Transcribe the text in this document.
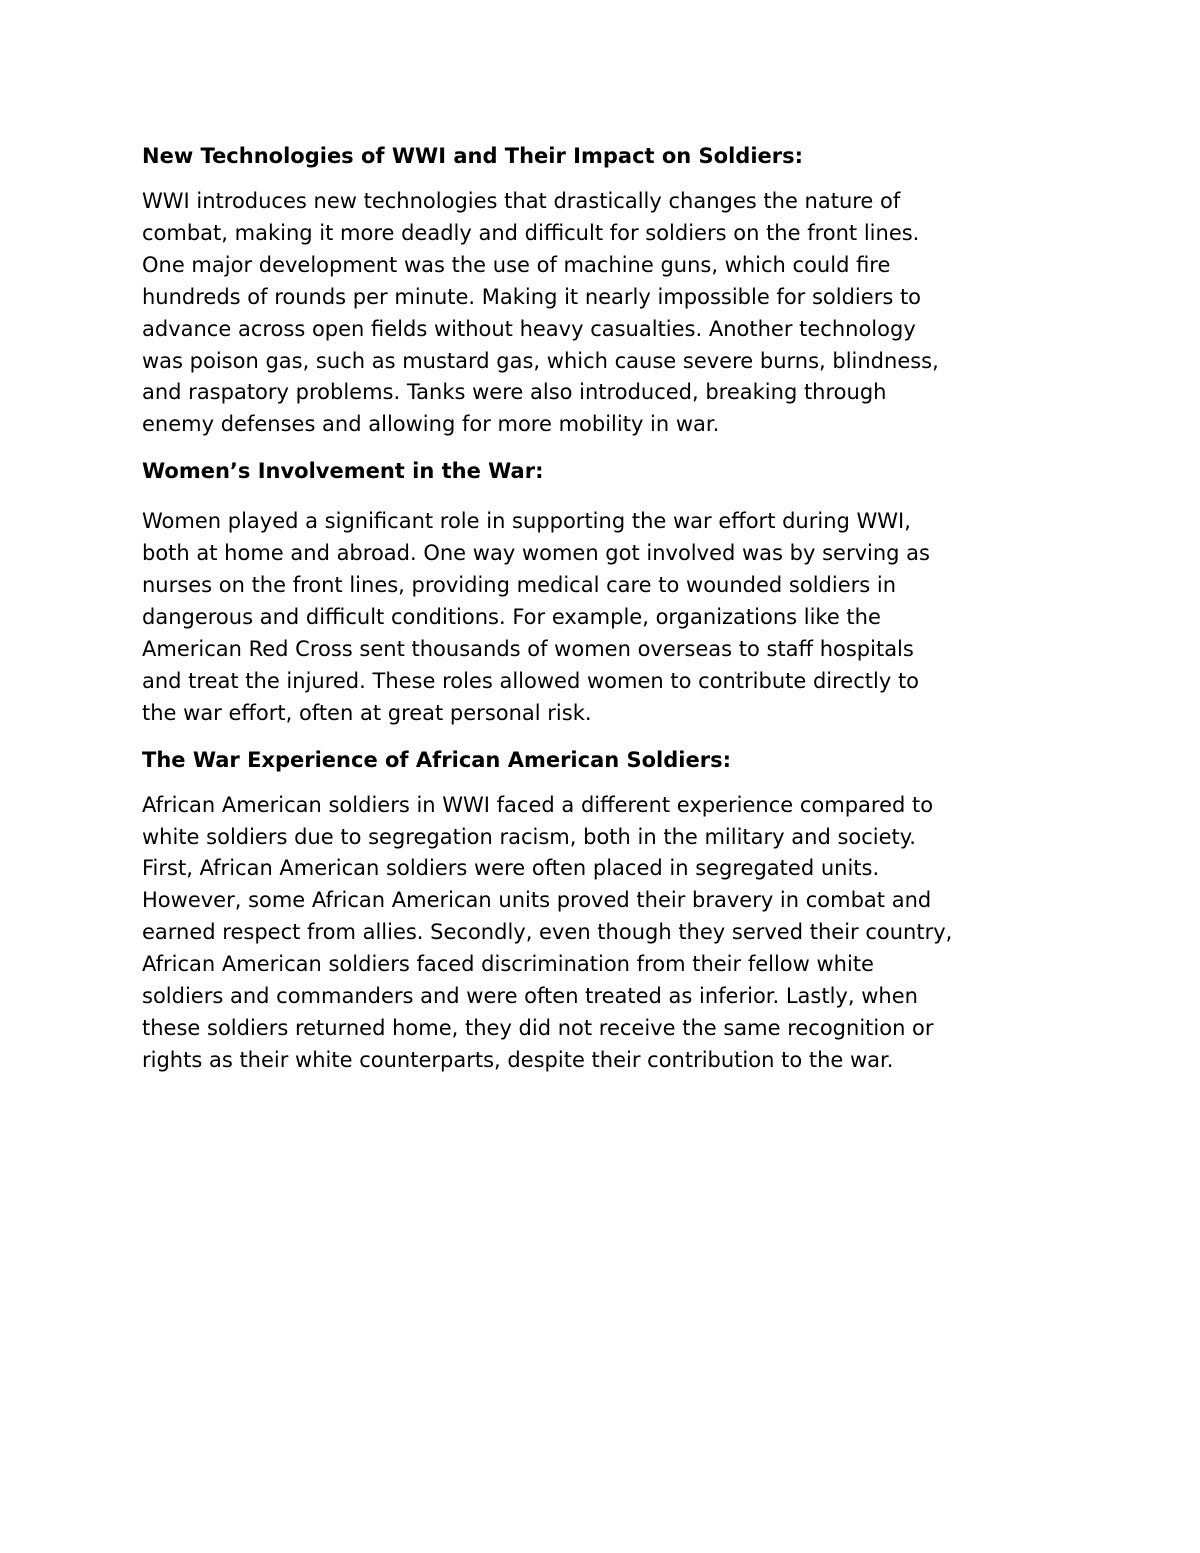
New Technologies of WWI and Their Impact on Soldiers:

WWI introduces new technologies that drastically changes the nature of

combat, making it more deadly and difficult for soldiers on the front lines.

One major development was the use of machine guns, which could fire

hundreds of rounds per minute. Making it nearly impossible for soldiers to

advance across open fields without heavy casualties. Another technology

was poison gas, such as mustard gas, which cause severe burns, blindness,

and raspatory problems. Tanks were also introduced, breaking through

enemy defenses and allowing for more mobility in war.

Women’s Involvement in the War:

Women played a significant role in supporting the war effort during WWI,

both at home and abroad. One way women got involved was by serving as

nurses on the front lines, providing medical care to wounded soldiers in

dangerous and difficult conditions. For example, organizations like the

American Red Cross sent thousands of women overseas to staff hospitals

and treat the injured. These roles allowed women to contribute directly to

the war effort, often at great personal risk.

The War Experience of African American Soldiers:

African American soldiers in WWI faced a different experience compared to

white soldiers due to segregation racism, both in the military and society.

First, African American soldiers were often placed in segregated units.

However, some African American units proved their bravery in combat and

earned respect from allies. Secondly, even though they served their country,

African American soldiers faced discrimination from their fellow white

soldiers and commanders and were often treated as inferior. Lastly, when

these soldiers returned home, they did not receive the same recognition or

rights as their white counterparts, despite their contribution to the war.
